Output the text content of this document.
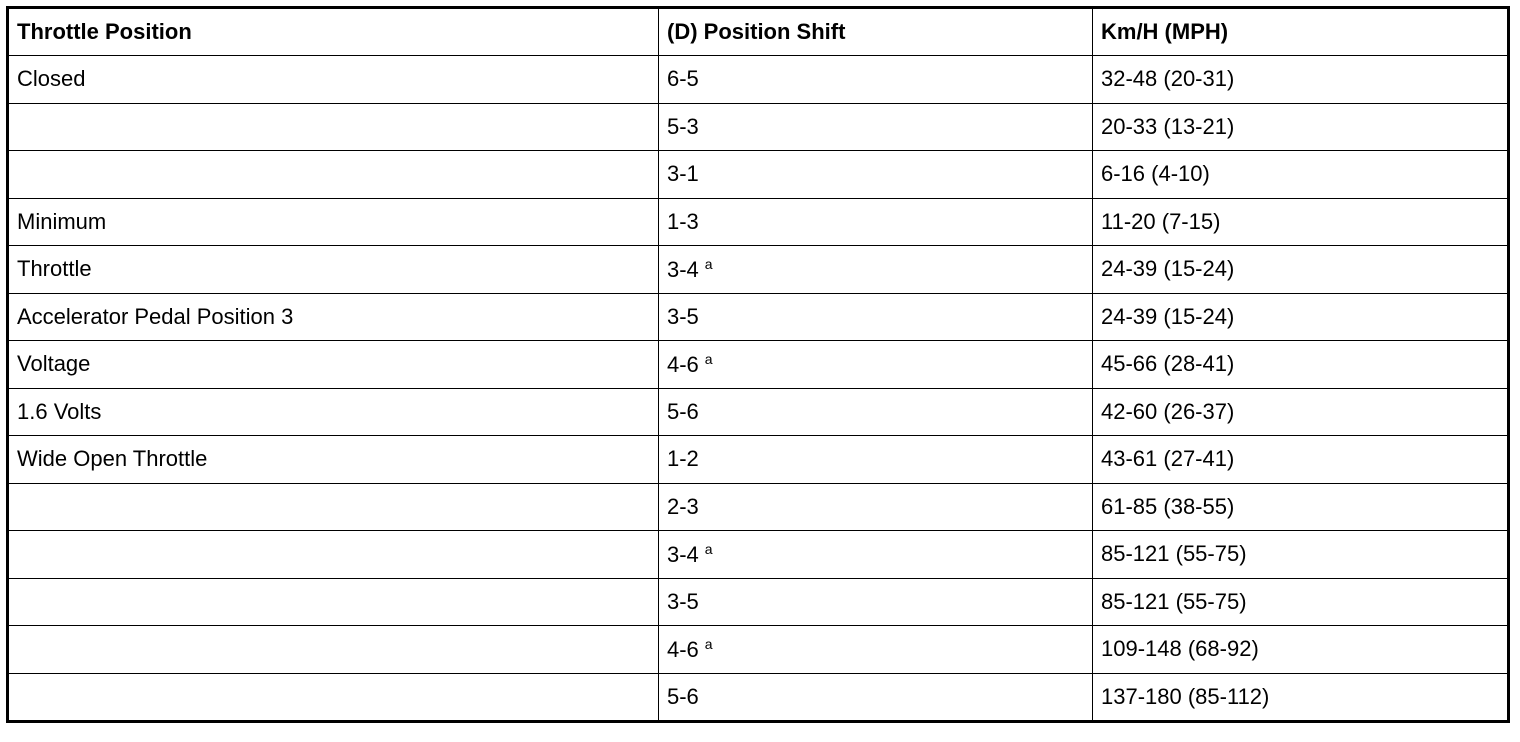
Throttle Position	(D) Position Shift	Km/H (MPH)
Closed	6-5	32-48 (20-31)
	5-3	20-33 (13-21)
	3-1	6-16 (4-10)
Minimum	1-3	11-20 (7-15)
Throttle	3-4 $^a$	24-39 (15-24)
Accelerator Pedal Position 3	3-5	24-39 (15-24)
Voltage	4-6 $^a$	45-66 (28-41)
1.6 Volts	5-6	42-60 (26-37)
Wide Open Throttle	1-2	43-61 (27-41)
	2-3	61-85 (38-55)
	3-4 $^a$	85-121 (55-75)
	3-5	85-121 (55-75)
	4-6 $^a$	109-148 (68-92)
	5-6	137-180 (85-112)
